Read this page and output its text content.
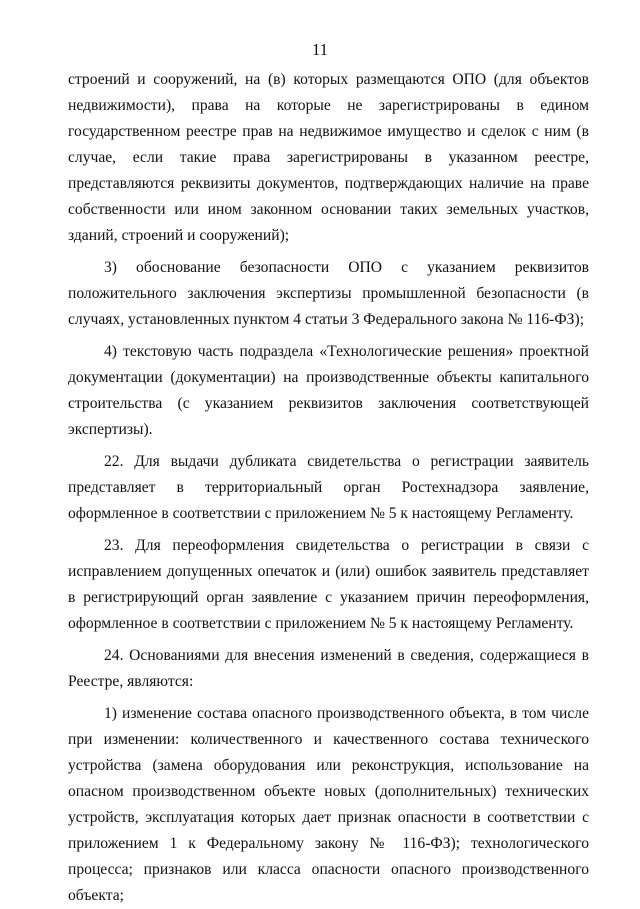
11

строений и сооружений, на (в) которых размещаются ОПО (для объектов недвижимости), права на которые не зарегистрированы в едином государственном реестре прав на недвижимое имущество и сделок с ним (в случае, если такие права зарегистрированы в указанном реестре, представляются реквизиты документов, подтверждающих наличие на праве собственности или ином законном основании таких земельных участков, зданий, строений и сооружений);

3) обоснование безопасности ОПО с указанием реквизитов положительного заключения экспертизы промышленной безопасности (в случаях, установленных пунктом 4 статьи 3 Федерального закона № 116-ФЗ);

4) текстовую часть подраздела «Технологические решения» проектной документации (документации) на производственные объекты капитального строительства (с указанием реквизитов заключения соответствующей экспертизы).

22. Для выдачи дубликата свидетельства о регистрации заявитель представляет в территориальный орган Ростехнадзора заявление, оформленное в соответствии с приложением № 5 к настоящему Регламенту.

23. Для переоформления свидетельства о регистрации в связи с исправлением допущенных опечаток и (или) ошибок заявитель представляет в регистрирующий орган заявление с указанием причин переоформления, оформленное в соответствии с приложением № 5 к настоящему Регламенту.

24. Основаниями для внесения изменений в сведения, содержащиеся в Реестре, являются:

1) изменение состава опасного производственного объекта, в том числе при изменении: количественного и качественного состава технического устройства (замена оборудования или реконструкция, использование на опасном производственном объекте новых (дополнительных) технических устройств, эксплуатация которых дает признак опасности в соответствии с приложением 1 к Федеральному закону № 116-ФЗ); технологического процесса; признаков или класса опасности опасного производственного объекта;
